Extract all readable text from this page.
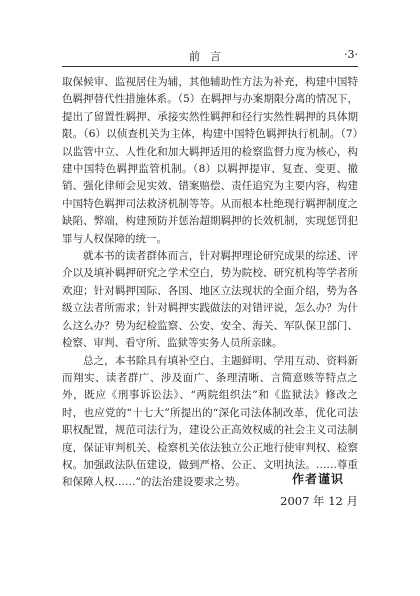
前言	·3·

取保候审、监视居住为辅，其他辅助性方法为补充，构建中国特色羁押替代性措施体系。（5）在羁押与办案期限分离的情况下，提出了留置性羁押、承接实然性羁押和径行实然性羁押的具体期限。（6）以侦查机关为主体，构建中国特色羁押执行机制。（7）以监管中立、人性化和加大羁押适用的检察监督力度为核心，构建中国特色羁押监管机制。（8）以羁押提审、复查、变更、撤销、强化律师会见实效、错案赔偿、责任追究为主要内容，构建中国特色羁押司法救济机制等等。从而根本杜绝现行羁押制度之缺陷、弊端，构建预防并惩治超期羁押的长效机制，实现惩罚犯罪与人权保障的统一。

就本书的读者群体而言，针对羁押理论研究成果的综述、评介以及填补羁押研究之学术空白，势为院校、研究机构等学者所欢迎；针对羁押国际、各国、地区立法现状的全面介绍，势为各级立法者所需求；针对羁押实践做法的对错评说，怎么办？为什么这么办？势为纪检监察、公安、安全、海关、军队保卫部门、检察、审判、看守所、监狱等实务人员所亲睐。

总之，本书除具有填补空白、主题鲜明、学用互动、资料新而翔实、读者群广、涉及面广、条理清晰、言简意赅等特点之外，既应《刑事诉讼法》、“两院组织法”和《监狱法》修改之时，也应党的“十七大”所提出的“深化司法体制改革，优化司法职权配置，规范司法行为，建设公正高效权威的社会主义司法制度，保证审判机关、检察机关依法独立公正地行使审判权、检察权。加强政法队伍建设，做到严格、公正、文明执法。……尊重和保障人权……”的法治建设要求之势。	作者谨识
2007 年 12 月
